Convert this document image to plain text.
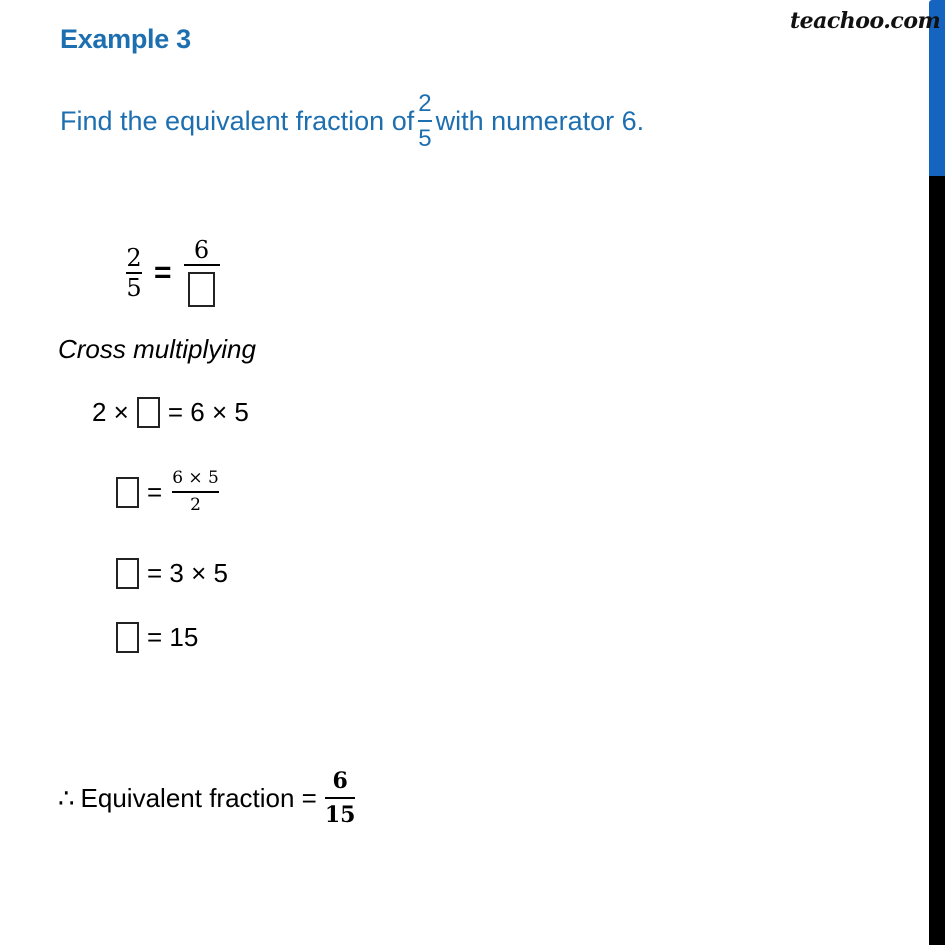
teachoo.com
Example 3
Find the equivalent fraction of $\frac{2}{5}$ with numerator 6.
$\frac{2}{5}$ =
6
Cross multiplying
2 × = 6 × 5
= $\frac{6 \times 5}{2}$
= 3 × 5
= 15
∴ Equivalent fraction = $\frac{6}{15}$
